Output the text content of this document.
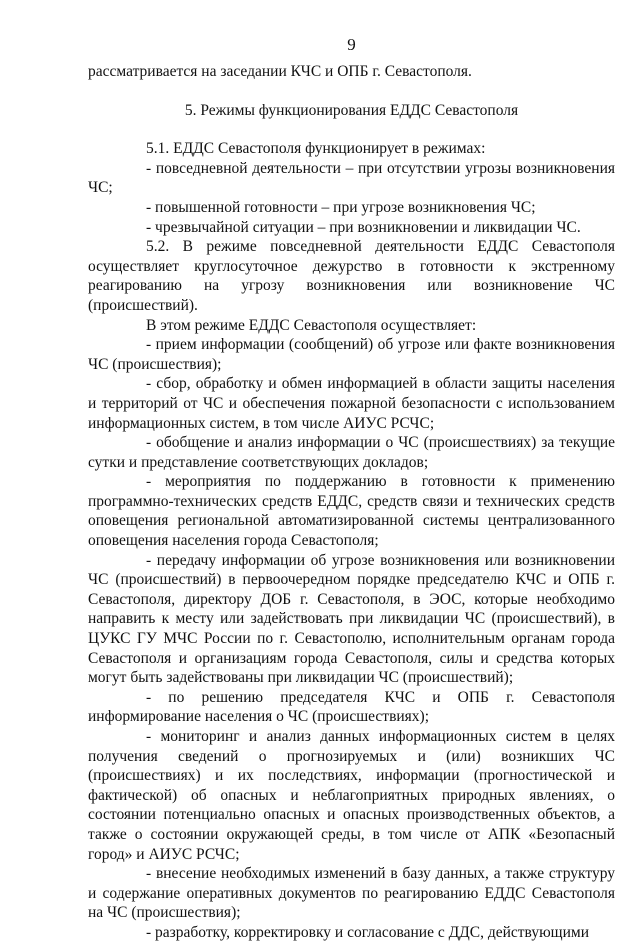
9

рассматривается на заседании КЧС и ОПБ г. Севастополя.

5. Режимы функционирования ЕДДС Севастополя

5.1. ЕДДС Севастополя функционирует в режимах:

- повседневной деятельности – при отсутствии угрозы возникновения ЧС;

- повышенной готовности – при угрозе возникновения ЧС;

- чрезвычайной ситуации – при возникновении и ликвидации ЧС.

5.2. В режиме повседневной деятельности ЕДДС Севастополя осуществляет круглосуточное дежурство в готовности к экстренному реагированию на угрозу возникновения или возникновение ЧС (происшествий).

В этом режиме ЕДДС Севастополя осуществляет:

- прием информации (сообщений) об угрозе или факте возникновения ЧС (происшествия);

- сбор, обработку и обмен информацией в области защиты населения и территорий от ЧС и обеспечения пожарной безопасности с использованием информационных систем, в том числе АИУС РСЧС;

- обобщение и анализ информации о ЧС (происшествиях) за текущие сутки и представление соответствующих докладов;

- мероприятия по поддержанию в готовности к применению программно-технических средств ЕДДС, средств связи и технических средств оповещения региональной автоматизированной системы централизованного оповещения населения города Севастополя;

- передачу информации об угрозе возникновения или возникновении ЧС (происшествий) в первоочередном порядке председателю КЧС и ОПБ г. Севастополя, директору ДОБ г. Севастополя, в ЭОС, которые необходимо направить к месту или задействовать при ликвидации ЧС (происшествий), в ЦУКС ГУ МЧС России по г. Севастополю, исполнительным органам города Севастополя и организациям города Севастополя, силы и средства которых могут быть задействованы при ликвидации ЧС (происшествий);

- по решению председателя КЧС и ОПБ г. Севастополя информирование населения о ЧС (происшествиях);

- мониторинг и анализ данных информационных систем в целях получения сведений о прогнозируемых и (или) возникших ЧС (происшествиях) и их последствиях, информации (прогностической и фактической) об опасных и неблагоприятных природных явлениях, о состоянии потенциально опасных и опасных производственных объектов, а также о состоянии окружающей среды, в том числе от АПК «Безопасный город» и АИУС РСЧС;

- внесение необходимых изменений в базу данных, а также структуру и содержание оперативных документов по реагированию ЕДДС Севастополя на ЧС (происшествия);

- разработку, корректировку и согласование с ДДС, действующими
